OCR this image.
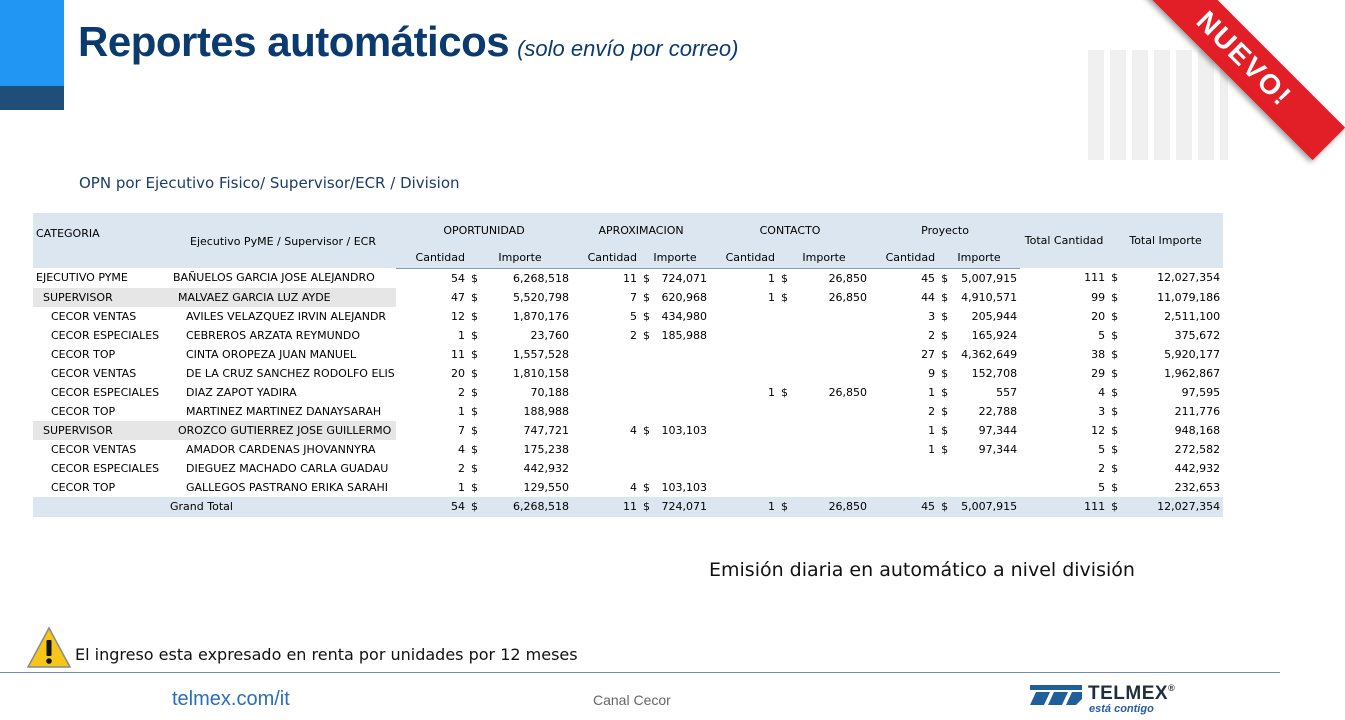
Reportes automáticos (solo envío por correo)	NUEVO!
OPN por Ejecutivo Fisico/ Supervisor/ECR / Division
CATEGORIA	Ejecutivo PyME / Supervisor / ECR	OPORTUNIDAD			APROXIMACION			CONTACTO			Proyecto			Total Cantidad	Total Importe	
		Cantidad	Importe		Cantidad	Importe		Cantidad	Importe		Cantidad	Importe				
EJECUTIVO PYME	BAÑUELOS GARCIA JOSE ALEJANDRO	54	$	6,268,518	11	$	724,071	1	$	26,850	45	$	5,007,915	111	$	12,027,354
SUPERVISOR	MALVAEZ GARCIA LUZ AYDE	47	$	5,520,798	7	$	620,968	1	$	26,850	44	$	4,910,571	99	$	11,079,186
CECOR VENTAS	AVILES VELAZQUEZ IRVIN ALEJANDR	12	$	1,870,176	5	$	434,980				3	$	205,944	20	$	2,511,100
CECOR ESPECIALES	CEBREROS ARZATA REYMUNDO	1	$	23,760	2	$	185,988				2	$	165,924	5	$	375,672
CECOR TOP	CINTA OROPEZA JUAN MANUEL	11	$	1,557,528							27	$	4,362,649	38	$	5,920,177
CECOR VENTAS	DE LA CRUZ SANCHEZ RODOLFO ELIS	20	$	1,810,158							9	$	152,708	29	$	1,962,867
CECOR ESPECIALES	DIAZ ZAPOT YADIRA	2	$	70,188				1	$	26,850	1	$	557	4	$	97,595
CECOR TOP	MARTINEZ MARTINEZ DANAYSARAH	1	$	188,988							2	$	22,788	3	$	211,776
SUPERVISOR	OROZCO GUTIERREZ JOSE GUILLERMO	7	$	747,721	4	$	103,103				1	$	97,344	12	$	948,168
CECOR VENTAS	AMADOR CARDENAS JHOVANNYRA	4	$	175,238							1	$	97,344	5	$	272,582
CECOR ESPECIALES	DIEGUEZ MACHADO CARLA GUADAU	2	$	442,932										2	$	442,932
CECOR TOP	GALLEGOS PASTRANO ERIKA SARAHI	1	$	129,550	4	$	103,103							5	$	232,653
	Grand Total	54	$	6,268,518	11	$	724,071	1	$	26,850	45	$	5,007,915	111	$	12,027,354
Emisión diaria en automático a nivel división
El ingreso esta expresado en renta por unidades por 12 meses
telmex.com/it	Canal Cecor	TELMEX®
está contigo
